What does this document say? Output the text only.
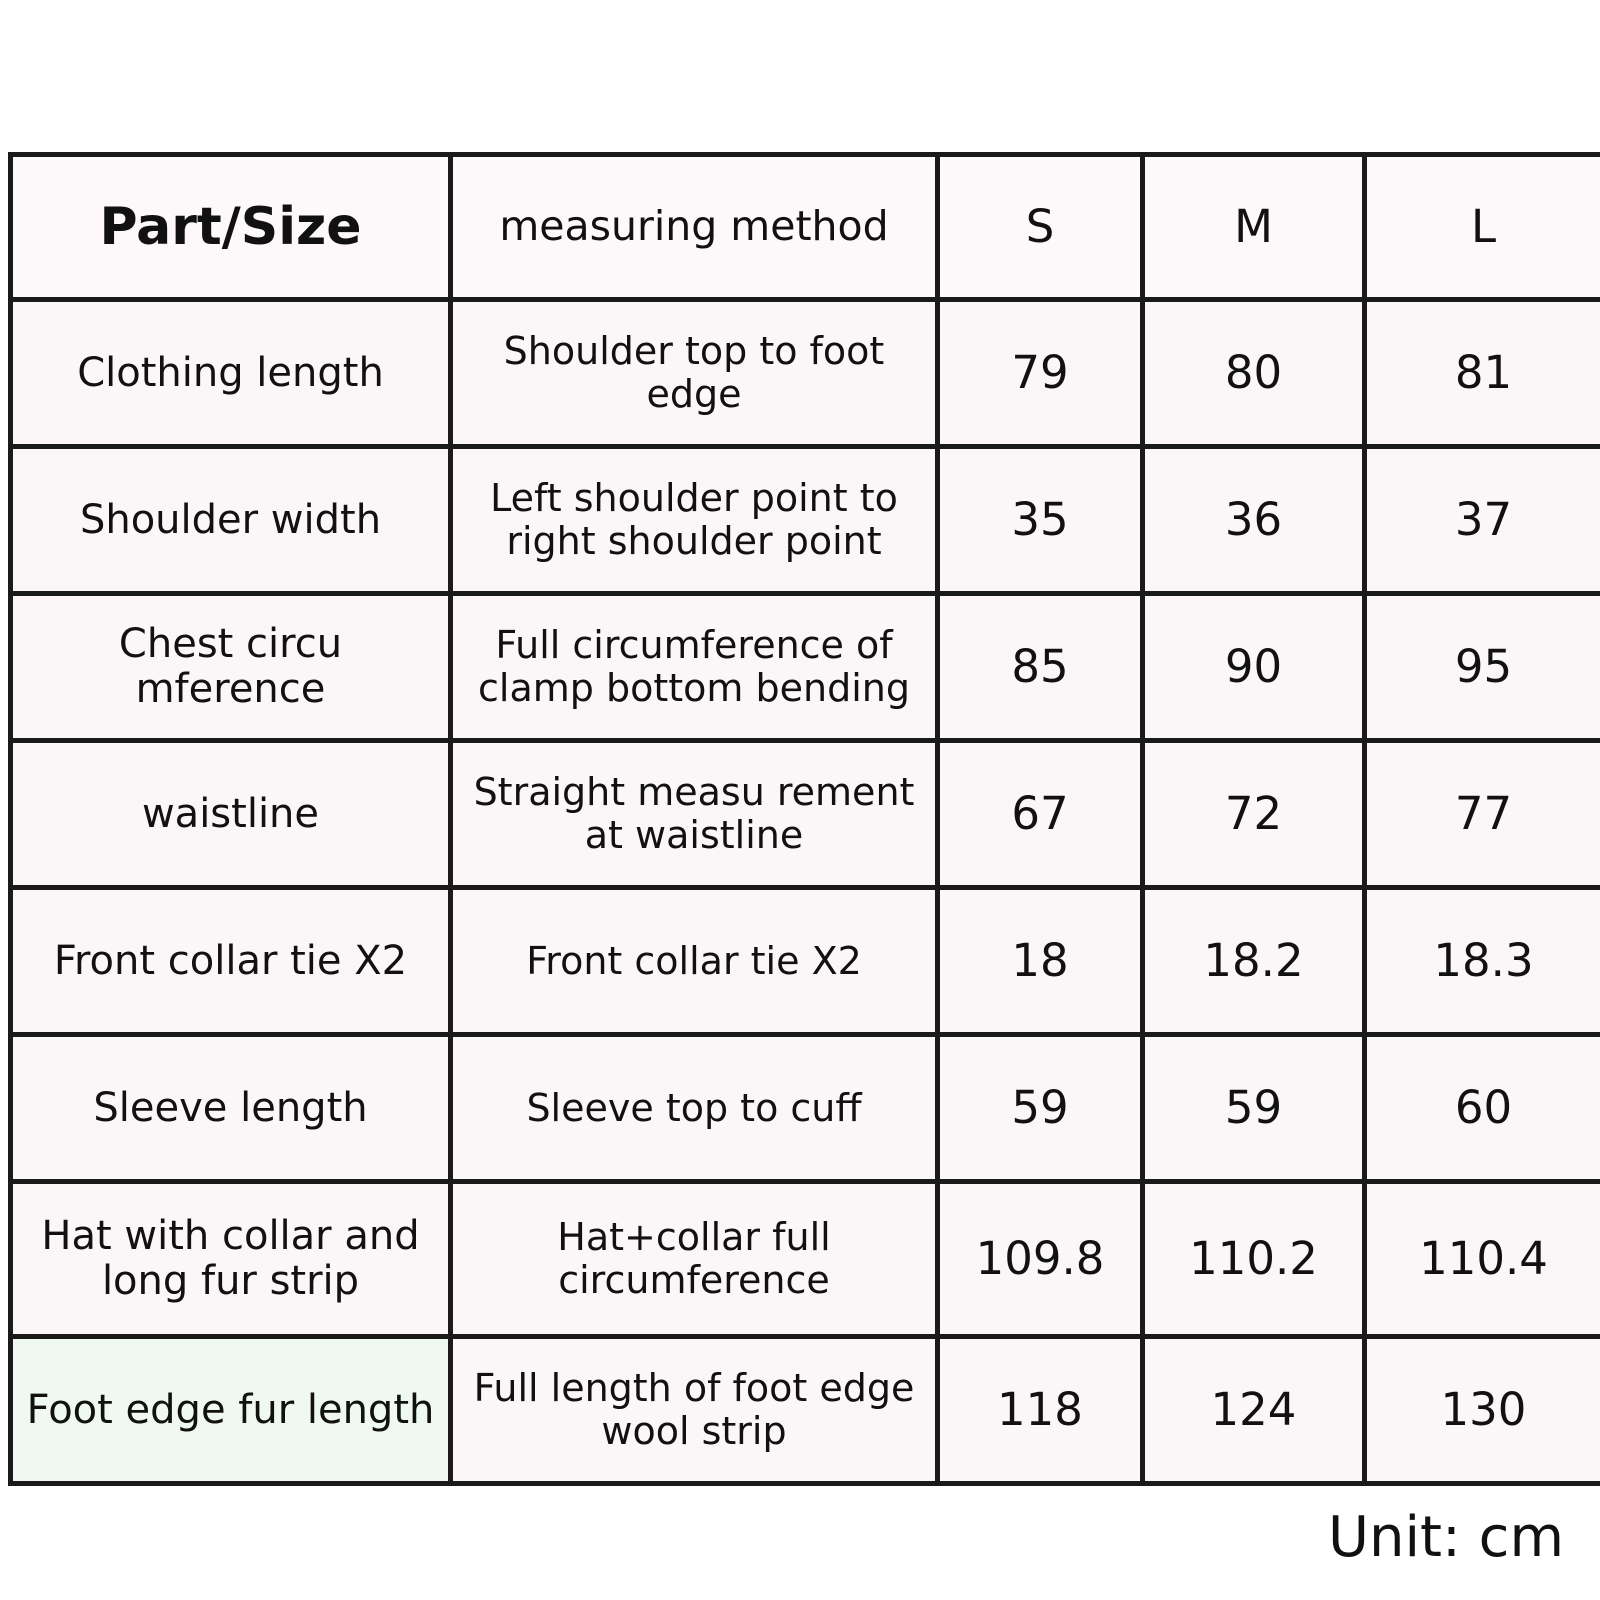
Part/Size	measuring method	S	M	L
Clothing length	Shoulder top to foot edge	79	80	81
Shoulder width	Left shoulder point to right shoulder point	35	36	37
Chest circu mference	Full circumference of clamp bottom bending	85	90	95
waistline	Straight measu rement at waistline	67	72	77
Front collar tie X2	Front collar tie X2	18	18.2	18.3
Sleeve length	Sleeve top to cuff	59	59	60
Hat with collar and long fur strip	Hat+collar full circumference	109.8	110.2	110.4
Foot edge fur length	Full length of foot edge wool strip	118	124	130
Unit: cm
